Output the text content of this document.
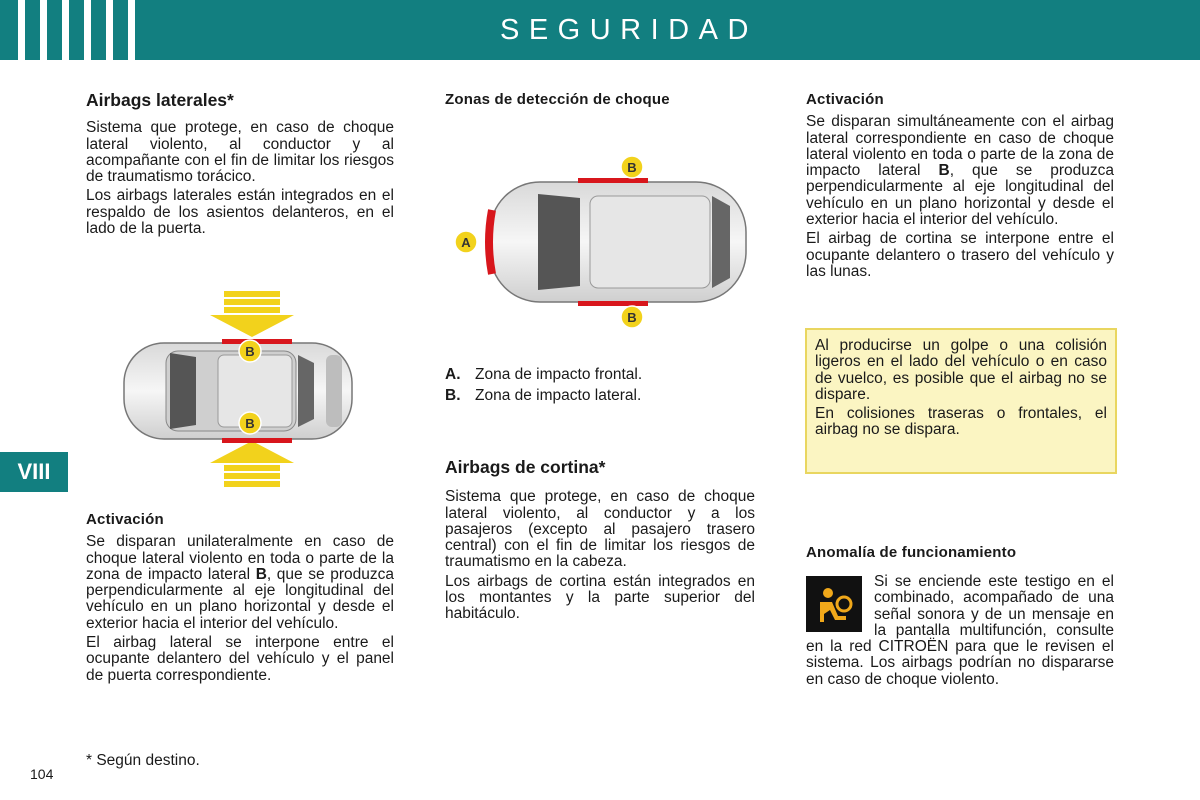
SEGURIDAD
VIII
Airbags laterales*

Sistema que protege, en caso de choque lateral violento, al conductor y al acompañante con el fin de limitar los riesgos de traumatismo torácico.

Los airbags laterales están integrados en el respaldo de los asientos delanteros, en el lado de la puerta.

B
B
Activación

Se disparan unilateralmente en caso de choque lateral violento en toda o parte de la zona de impacto lateral B, que se produzca perpendicularmente al eje longitudinal del vehículo en un plano horizontal y desde el exterior hacia el interior del vehículo.

El airbag lateral se interpone entre el ocupante delantero del vehículo y el panel de puerta correspondiente.

* Según destino.
104
Zonas de detección de choque
A
B
B
A. Zona de impacto frontal.
B. Zona de impacto lateral.
Airbags de cortina*

Sistema que protege, en caso de choque lateral violento, al conductor y a los pasajeros (excepto al pasajero trasero central) con el fin de limitar los riesgos de traumatismo en la cabeza.

Los airbags de cortina están integrados en los montantes y la parte superior del habitáculo.

Activación

Se disparan simultáneamente con el airbag lateral correspondiente en caso de choque lateral violento en toda o parte de la zona de impacto lateral B, que se produzca perpendicularmente al eje longitudinal del vehículo en un plano horizontal y desde el exterior hacia el interior del vehículo.

El airbag de cortina se interpone entre el ocupante delantero o trasero del vehículo y las lunas.

Al producirse un golpe o una colisión ligeros en el lado del vehículo o en caso de vuelco, es posible que el airbag no se dispare.

En colisiones traseras o frontales, el airbag no se dispara.

Anomalía de funcionamiento

Si se enciende este testigo en el combinado, acompañado de una señal sonora y de un mensaje en la pantalla multifunción, consulte en la red CITROËN para que le revisen el sistema. Los airbags podrían no dispararse en caso de choque violento.
